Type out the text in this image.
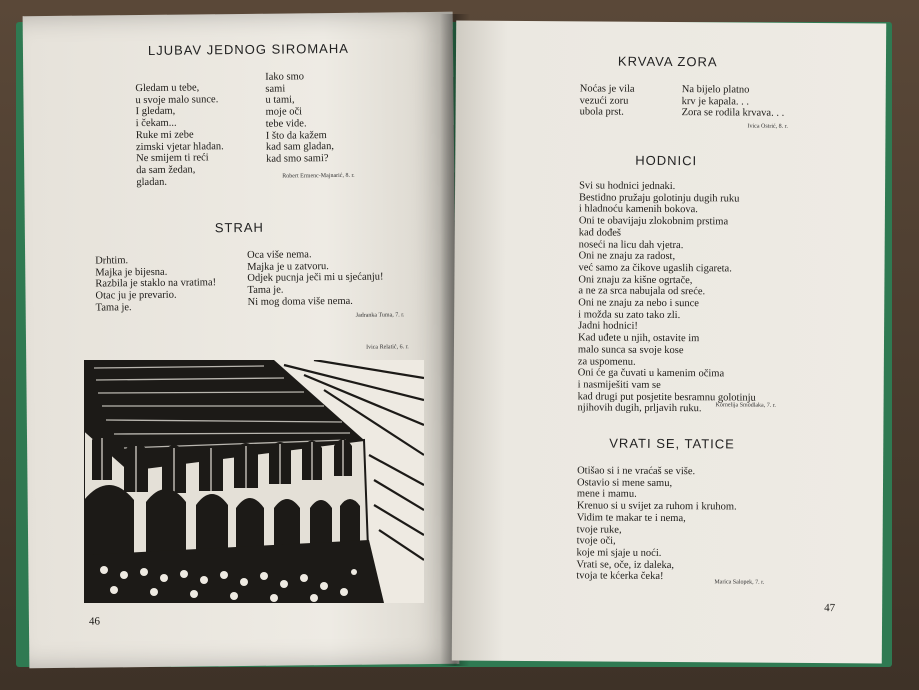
LJUBAV JEDNOG SIROMAHA
Gledam u tebe,
u svoje malo sunce.
I gledam,
i čekam...
Ruke mi zebe
zimski vjetar hladan.
Ne smijem ti reći
da sam žedan,
gladan.
Iako smo
sami
u tami,
moje oči
tebe vide.
I što da kažem
kad sam gladan,
kad smo sami?
Robert Ermenc-Majnarić, 8. r.
STRAH
Drhtim.
Majka je bijesna.
Razbila je staklo na vratima!
Otac ju je prevario.
Tama je.
Oca više nema.
Majka je u zatvoru.
Odjek pucnja ječi mi u sjećanju!
Tama je.
Ni mog doma više nema.
Jadranka Tuma, 7. r.
Ivica Relatić, 6. r.
46
KRVAVA ZORA
Noćas je vila
vezući zoru
ubola prst.
Na bijelo platno
krv je kapala. . .
Zora se rodila krvava. . .
Ivica Ostrić, 8. r.
HODNICI
Svi su hodnici jednaki.
Bestidno pružaju golotinju dugih ruku
i hladnoću kamenih bokova.
Oni te obavijaju zlokobnim prstima
kad dođeš
noseći na licu dah vjetra.
Oni ne znaju za radost,
već samo za čikove ugaslih cigareta.
Oni znaju za kišne ogrtače,
a ne za srca nabujala od sreće.
Oni ne znaju za nebo i sunce
i možda su zato tako zli.
Jadni hodnici!
Kad uđete u njih, ostavite im
malo sunca sa svoje kose
za uspomenu.
Oni će ga čuvati u kamenim očima
i nasmiješiti vam se
kad drugi put posjetite besramnu golotinju
njihovih dugih, prljavih ruku.	Kornelija Smodlaka, 7. r.
VRATI SE, TATICE
Otišao si i ne vraćaš se više.
Ostavio si mene samu,
mene i mamu.
Krenuo si u svijet za ruhom i kruhom.
Vidim te makar te i nema,
tvoje ruke,
tvoje oči,
koje mi sjaje u noći.
Vrati se, oče, iz daleka,
tvoja te kćerka čeka!
Marica Salopek, 7. r.
47
